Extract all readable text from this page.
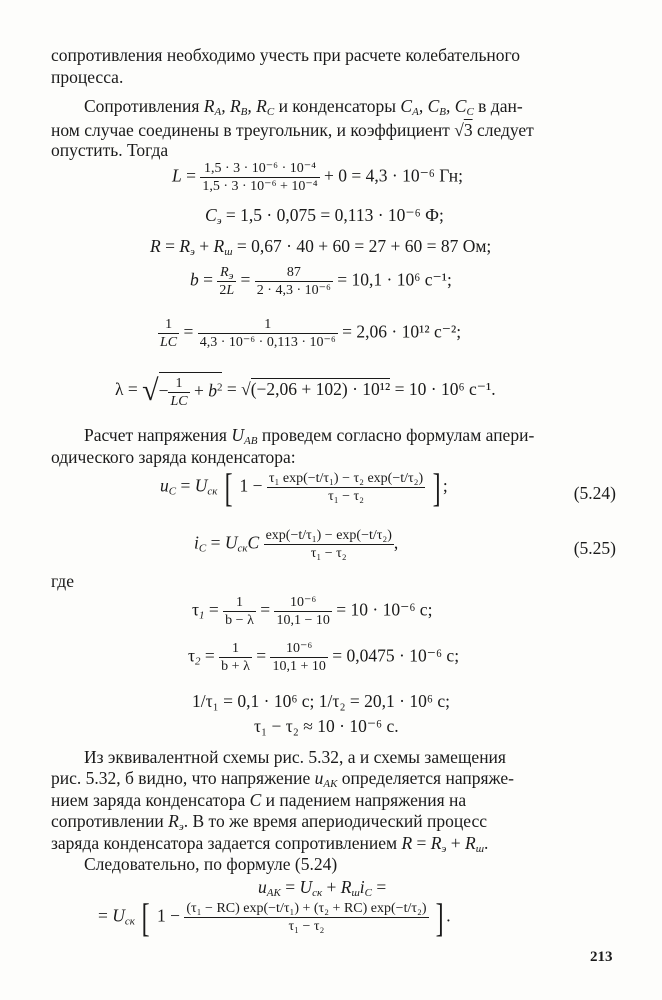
сопротивления необходимо учесть при расчете колебательного
процесса.
Сопротивления $R_A$, $R_B$, $R_C$ и конденсаторы $C_A$, $C_B$, $C_C$ в дан-
ном случае соединены в треугольник, и коэффициент √3 следует
опустить. Тогда
$L = \frac{\text{1,5 · 3 · 10⁻⁶ · 10⁻⁴}}{\text{1,5 · 3 · 10⁻⁶ + 10⁻⁴}} + 0 = 4,3 \cdot 10^{-6}$ Гн;
$C_э = 1,5 \cdot 0,075 = 0,113 \cdot 10^{-6}$ Ф;
$R = R_э + R_ш = 0,67 \cdot 40 + 60 = 27 + 60 = 87$ Ом;
$b = \frac{R_э}{2L} = \frac{87}{\text{2 · 4,3 · 10⁻⁶}} = 10,1 \cdot 10^6$ с⁻¹;
$\frac{1}{LC} = \frac{1}{\text{4,3 · 10⁻⁶ · 0,113 · 10⁻⁶}} = 2,06 \cdot 10^{12}$ с⁻²;
λ = √− $\frac{1}{LC} + b^2 = √(-2,06 + 102) \cdot 10^{12} = 10 \cdot 10^6$ с⁻¹.
Расчет напряжения $U_{AB}$ проведем согласно формулам апери-
одического заряда конденсатора:
$u_C = U_{ск}$ [ $1 - \frac{\text{τ₁ exp(−t/τ₁) − τ₂ exp(−t/τ₂)}}{\text{τ₁ − τ₂}}$ ] ;	(5.24)
$i_C = U_{ск}C \frac{\text{exp(−t/τ₁) − exp(−t/τ₂)}}{\text{τ₁ − τ₂}}$ ,	(5.25)
где
$\tau_1 = \frac{1}{b - \lambda} = \frac{\text{10⁻⁶}}{10,1 - 10} = 10 \cdot 10^{-6}$ с;
$\tau_2 = \frac{1}{b + \lambda} = \frac{\text{10⁻⁶}}{10,1 + 10} = 0,0475 \cdot 10^{-6}$ с;
1/τ₁ = 0,1 · 10⁶ с; 1/τ₂ = 20,1 · 10⁶ с;
τ₁ − τ₂ ≈ 10 · 10⁻⁶ с.
Из эквивалентной схемы рис. 5.32, а и схемы замещения
рис. 5.32, б видно, что напряжение $u_{AK}$ определяется напряже-
нием заряда конденсатора C и падением напряжения на
сопротивлении $R_э$. В то же время апериодический процесс
заряда конденсатора задается сопротивлением $R = R_э + R_ш$.
Следовательно, по формуле (5.24)
$u_{AK} = U_{ск} + R_шi_C$ =
= $U_{ск}$ [ $1 - \frac{\text{(τ₁ − RC) exp(−t/τ₁) + (τ₂ + RC) exp(−t/τ₂)}}{\text{τ₁ − τ₂}}$ ] .
213
